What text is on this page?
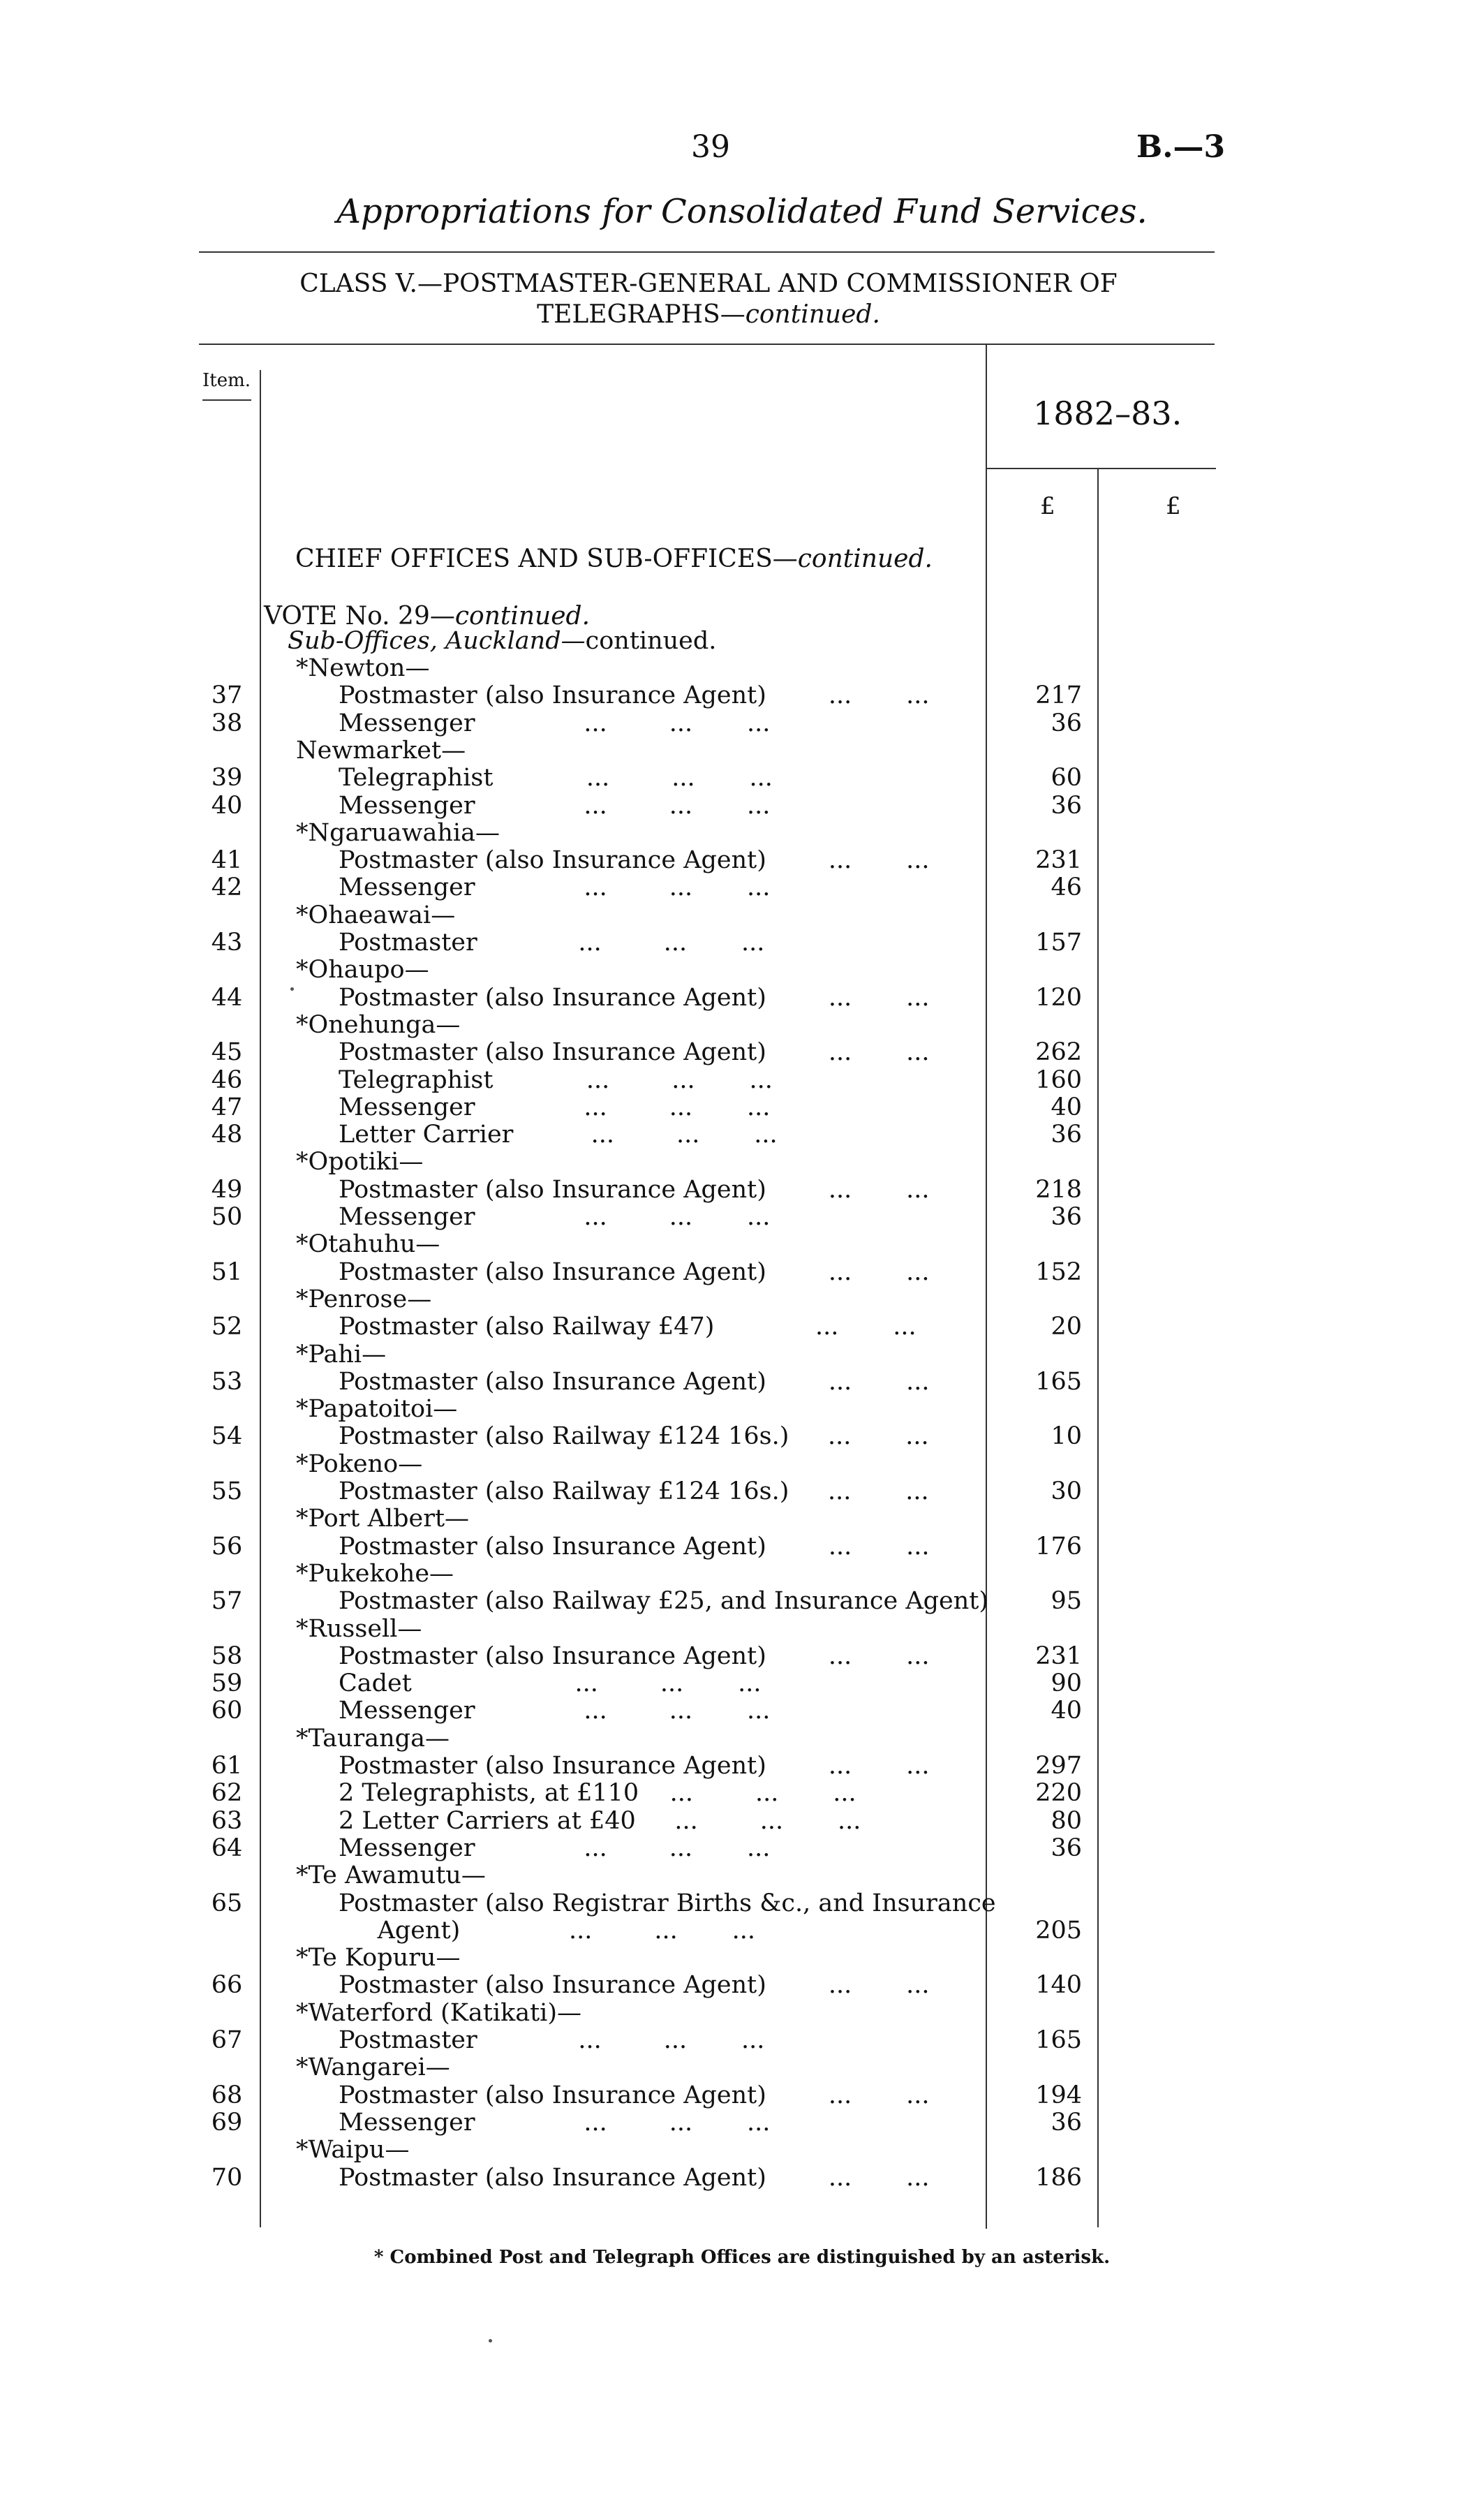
39	B.—3
Appropriations for Consolidated Fund Services.
CLASS V.—POSTMASTER-GENERAL AND COMMISSIONER OF
TELEGRAPHS—continued.
Item.
1882–83.
£	£
CHIEF OFFICES AND SUB-OFFICES—continued.
VOTE No. 29—continued.
Sub-Offices, Auckland—continued.
*Newton—
37	Postmaster (also Insurance Agent)        ...       ...	217
38	Messenger              ...        ...       ...	36
Newmarket—
39	Telegraphist            ...        ...       ...	60
40	Messenger              ...        ...       ...	36
*Ngaruawahia—
41	Postmaster (also Insurance Agent)        ...       ...	231
42	Messenger              ...        ...       ...	46
*Ohaeawai—
43	Postmaster             ...        ...       ...	157
*Ohaupo—
44	Postmaster (also Insurance Agent)        ...       ...	120
*Onehunga—
45	Postmaster (also Insurance Agent)        ...       ...	262
46	Telegraphist            ...        ...       ...	160
47	Messenger              ...        ...       ...	40
48	Letter Carrier          ...        ...       ...	36
*Opotiki—
49	Postmaster (also Insurance Agent)        ...       ...	218
50	Messenger              ...        ...       ...	36
*Otahuhu—
51	Postmaster (also Insurance Agent)        ...       ...	152
*Penrose—
52	Postmaster (also Railway £47)             ...       ...	20
*Pahi—
53	Postmaster (also Insurance Agent)        ...       ...	165
*Papatoitoi—
54	Postmaster (also Railway £124 16s.)     ...       ...	10
*Pokeno—
55	Postmaster (also Railway £124 16s.)     ...       ...	30
*Port Albert—
56	Postmaster (also Insurance Agent)        ...       ...	176
*Pukekohe—
57	Postmaster (also Railway £25, and Insurance Agent)	95
*Russell—
58	Postmaster (also Insurance Agent)        ...       ...	231
59	Cadet                     ...        ...       ...	90
60	Messenger              ...        ...       ...	40
*Tauranga—
61	Postmaster (also Insurance Agent)        ...       ...	297
62	2 Telegraphists, at £110    ...        ...       ...	220
63	2 Letter Carriers at £40     ...        ...       ...	80
64	Messenger              ...        ...       ...	36
*Te Awamutu—
65	Postmaster (also Registrar Births &c., and Insurance
Agent)              ...        ...       ...	205
*Te Kopuru—
66	Postmaster (also Insurance Agent)        ...       ...	140
*Waterford (Katikati)—
67	Postmaster             ...        ...       ...	165
*Wangarei—
68	Postmaster (also Insurance Agent)        ...       ...	194
69	Messenger              ...        ...       ...	36
*Waipu—
70	Postmaster (also Insurance Agent)        ...       ...	186
* Combined Post and Telegraph Offices are distinguished by an asterisk.
